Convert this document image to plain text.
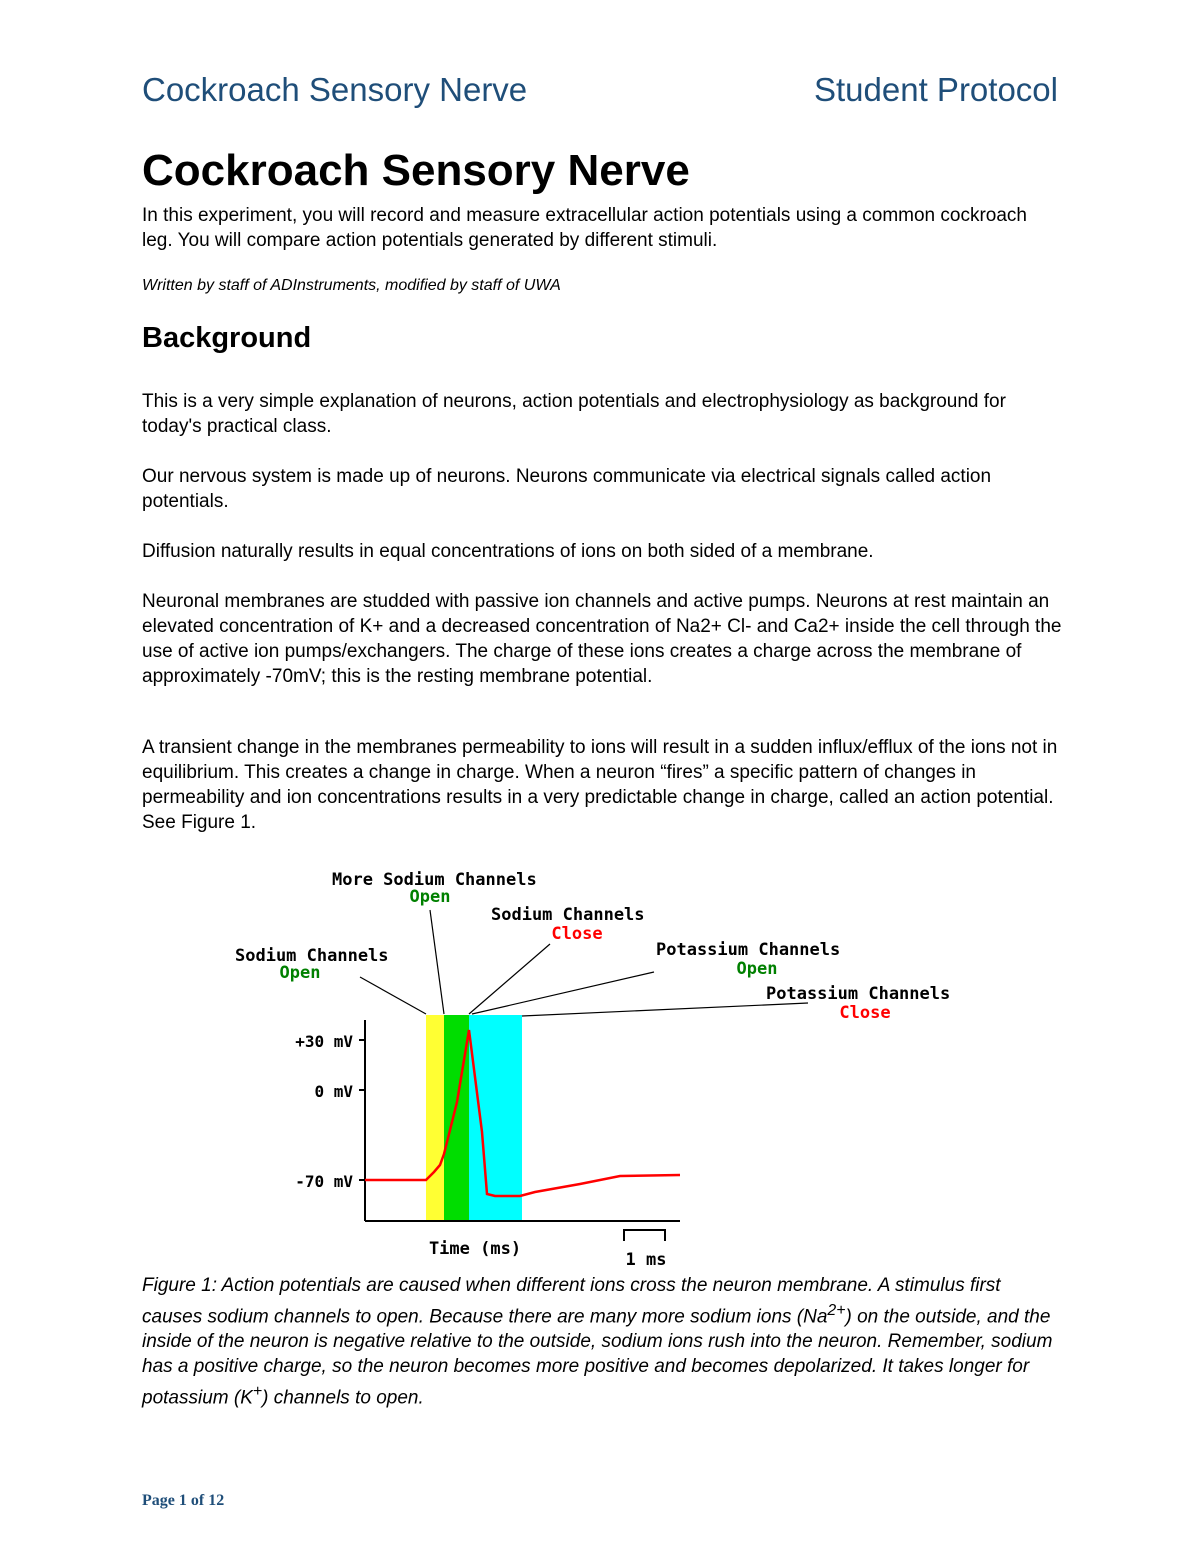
Cockroach Sensory Nerve	Student Protocol
Cockroach Sensory Nerve

In this experiment, you will record and measure extracellular action potentials using a common cockroach leg. You will compare action potentials generated by different stimuli.

Written by staff of ADInstruments, modified by staff of UWA

Background

This is a very simple explanation of neurons, action potentials and electrophysiology as background for today's practical class.

Our nervous system is made up of neurons. Neurons communicate via electrical signals called action potentials.

Diffusion naturally results in equal concentrations of ions on both sided of a membrane.

Neuronal membranes are studded with passive ion channels and active pumps. Neurons at rest maintain an elevated concentration of K+ and a decreased concentration of Na2+ Cl- and Ca2+ inside the cell through the use of active ion pumps/exchangers. The charge of these ions creates a charge across the membrane of approximately -70mV; this is the resting membrane potential.

A transient change in the membranes permeability to ions will result in a sudden influx/efflux of the ions not in equilibrium. This creates a change in charge. When a neuron “fires” a specific pattern of changes in permeability and ion concentrations results in a very predictable change in charge, called an action potential. See Figure 1.

+30 mV
0 mV
-70 mV
Time (ms)
1 ms
Sodium Channels
Open
More Sodium Channels
Open
Sodium Channels
Close
Potassium Channels
Open
Potassium Channels
Close

Figure 1: Action potentials are caused when different ions cross the neuron membrane. A stimulus first causes sodium channels to open. Because there are many more sodium ions $(Na^{2+})$ on the outside, and the inside of the neuron is negative relative to the outside, sodium ions rush into the neuron. Remember, sodium has a positive charge, so the neuron becomes more positive and becomes depolarized. It takes longer for potassium (K+) channels to open.

Page 1 of 12
